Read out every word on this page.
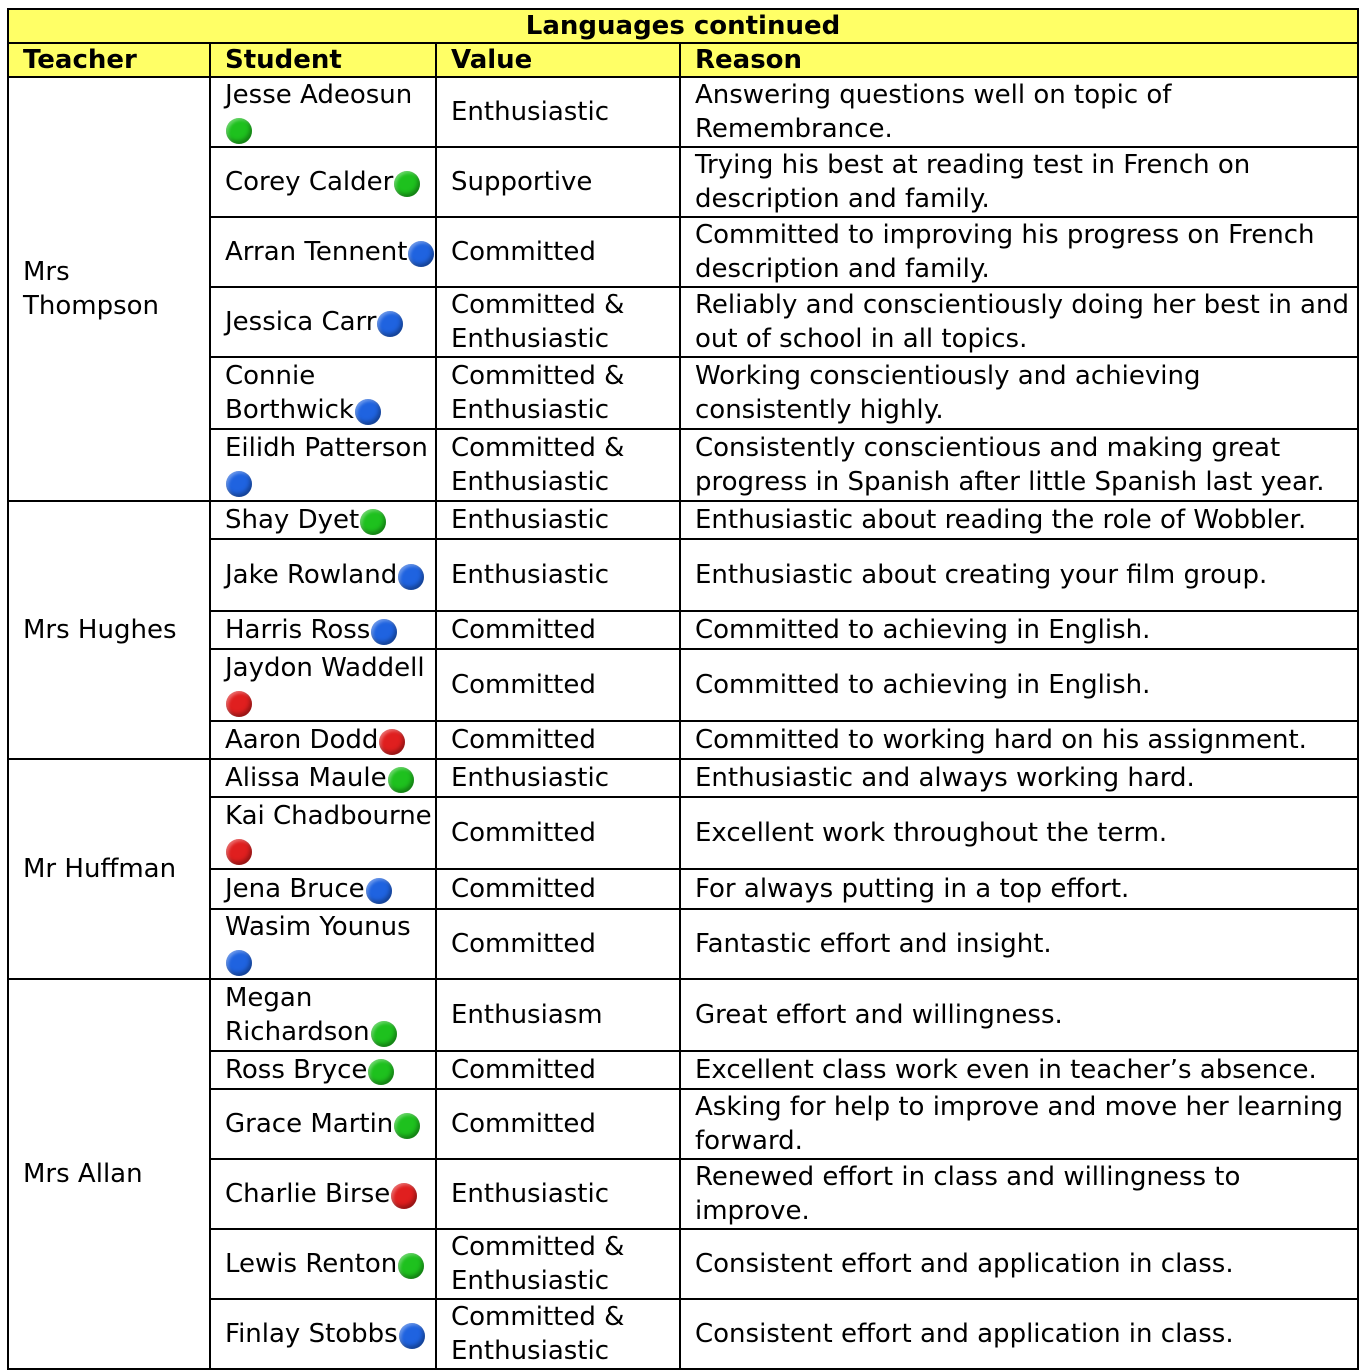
Languages continued			
Teacher	Student	Value	Reason
Mrs Thompson	Jesse Adeosun	Enthusiastic	Answering questions well on topic of Remembrance.
	Corey Calder	Supportive	Trying his best at reading test in French on description and family.
	Arran Tennent	Committed	Committed to improving his progress on French description and family.
	Jessica Carr	Committed & Enthusiastic	Reliably and conscientiously doing her best in and out of school in all topics.
	Connie Borthwick	Committed & Enthusiastic	Working conscientiously and achieving consistently highly.
	Eilidh Patterson	Committed & Enthusiastic	Consistently conscientious and making great progress in Spanish after little Spanish last year.
Mrs Hughes	Shay Dyet	Enthusiastic	Enthusiastic about reading the role of Wobbler.
	Jake Rowland	Enthusiastic	Enthusiastic about creating your film group.
	Harris Ross	Committed	Committed to achieving in English.
	Jaydon Waddell	Committed	Committed to achieving in English.
	Aaron Dodd	Committed	Committed to working hard on his assignment.
Mr Huffman	Alissa Maule	Enthusiastic	Enthusiastic and always working hard.
	Kai Chadbourne	Committed	Excellent work throughout the term.
	Jena Bruce	Committed	For always putting in a top effort.
	Wasim Younus	Committed	Fantastic effort and insight.
Mrs Allan	Megan Richardson	Enthusiasm	Great effort and willingness.
	Ross Bryce	Committed	Excellent class work even in teacher’s absence.
	Grace Martin	Committed	Asking for help to improve and move her learning forward.
	Charlie Birse	Enthusiastic	Renewed effort in class and willingness to improve.
	Lewis Renton	Committed & Enthusiastic	Consistent effort and application in class.
	Finlay Stobbs	Committed & Enthusiastic	Consistent effort and application in class.
